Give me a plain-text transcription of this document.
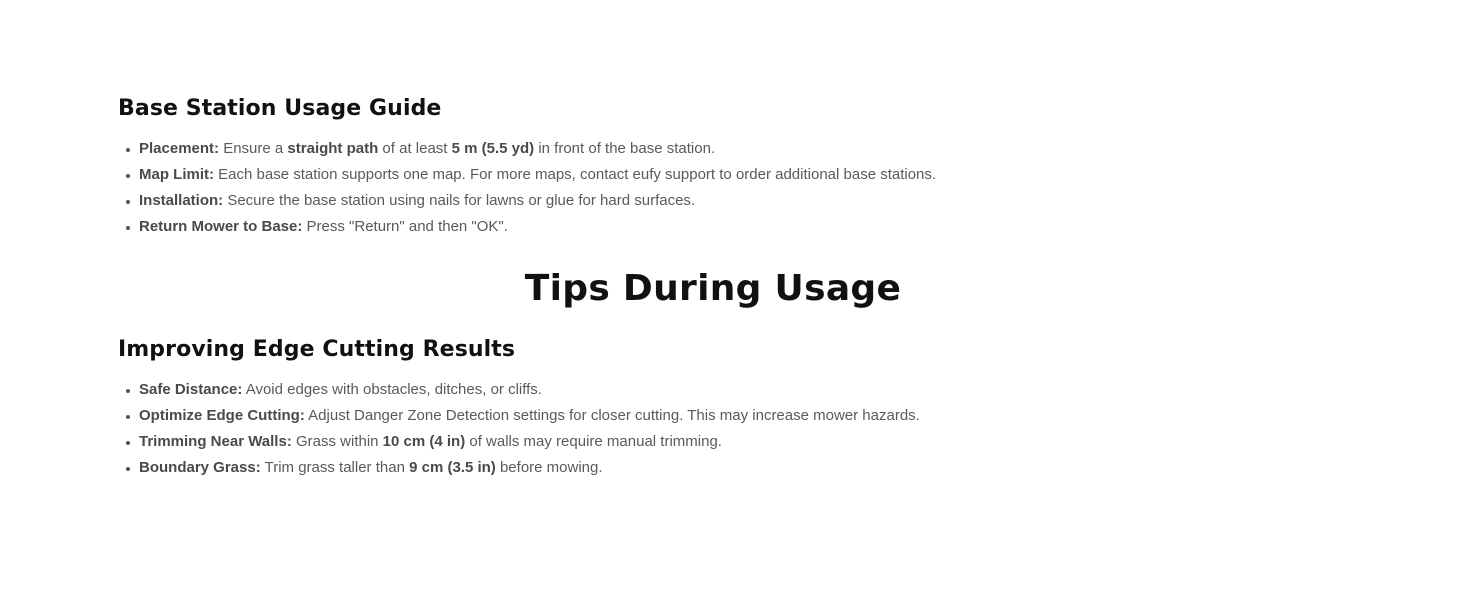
Base Station Usage Guide
Placement: Ensure a straight path of at least 5 m (5.5 yd) in front of the base station.
Map Limit: Each base station supports one map. For more maps, contact eufy support to order additional base stations.
Installation: Secure the base station using nails for lawns or glue for hard surfaces.
Return Mower to Base: Press "Return" and then "OK".
Tips During Usage
Improving Edge Cutting Results
Safe Distance: Avoid edges with obstacles, ditches, or cliffs.
Optimize Edge Cutting: Adjust Danger Zone Detection settings for closer cutting. This may increase mower hazards.
Trimming Near Walls: Grass within 10 cm (4 in) of walls may require manual trimming.
Boundary Grass: Trim grass taller than 9 cm (3.5 in) before mowing.
